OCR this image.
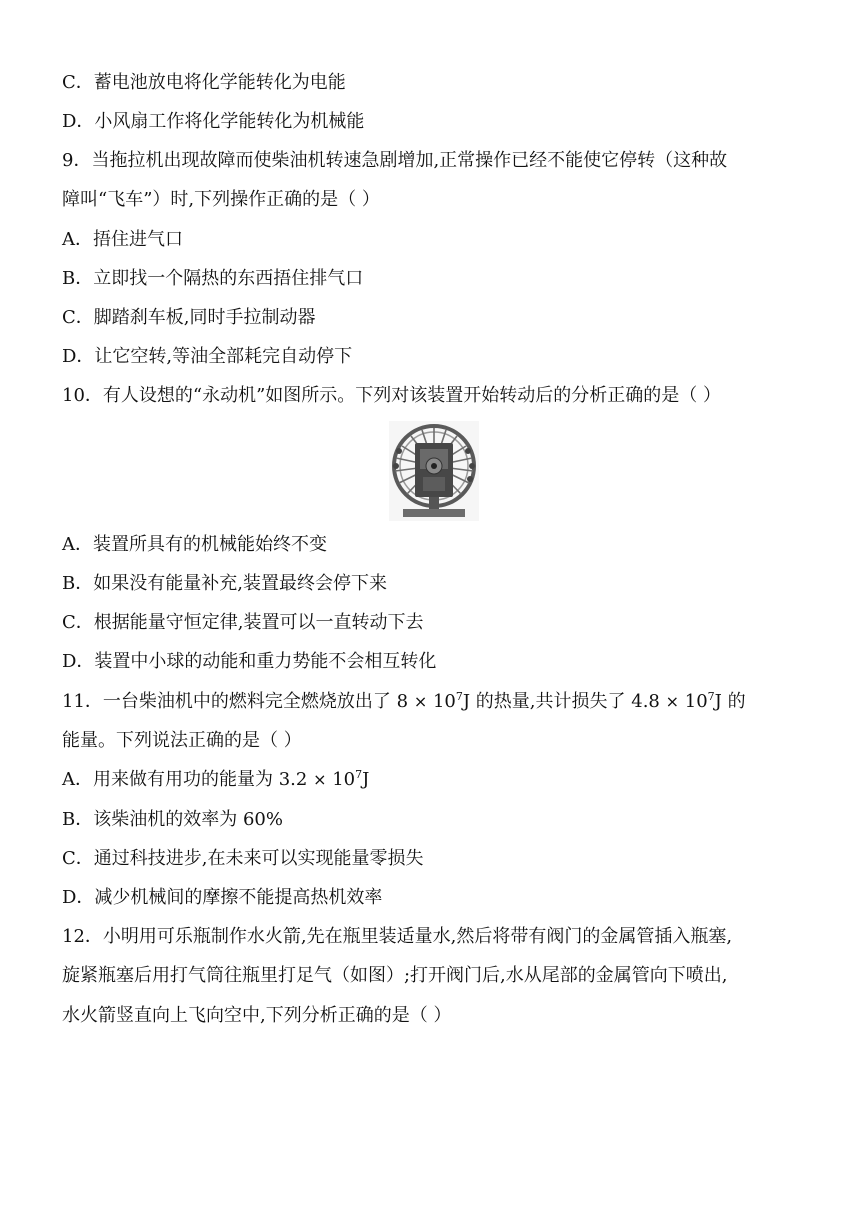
C．蓄电池放电将化学能转化为电能
D．小风扇工作将化学能转化为机械能
9．当拖拉机出现故障而使柴油机转速急剧增加,正常操作已经不能使它停转（这种故
障叫“飞车”）时,下列操作正确的是（ ）
A．捂住进气口
B．立即找一个隔热的东西捂住排气口
C．脚踏刹车板,同时手拉制动器
D．让它空转,等油全部耗完自动停下
10．有人设想的“永动机”如图所示。下列对该装置开始转动后的分析正确的是（ ）
A．装置所具有的机械能始终不变
B．如果没有能量补充,装置最终会停下来
C．根据能量守恒定律,装置可以一直转动下去
D．装置中小球的动能和重力势能不会相互转化
11．一台柴油机中的燃料完全燃烧放出了 $8 \times 10^7J$ 的热量,共计损失了 $4.8 \times 10^7J$ 的
能量。下列说法正确的是（ ）
A．用来做有用功的能量为 $3.2 \times 10^7J$
B．该柴油机的效率为 60%
C．通过科技进步,在未来可以实现能量零损失
D．减少机械间的摩擦不能提高热机效率
12．小明用可乐瓶制作水火箭,先在瓶里装适量水,然后将带有阀门的金属管插入瓶塞,
旋紧瓶塞后用打气筒往瓶里打足气（如图）;打开阀门后,水从尾部的金属管向下喷出,
水火箭竖直向上飞向空中,下列分析正确的是（ ）
